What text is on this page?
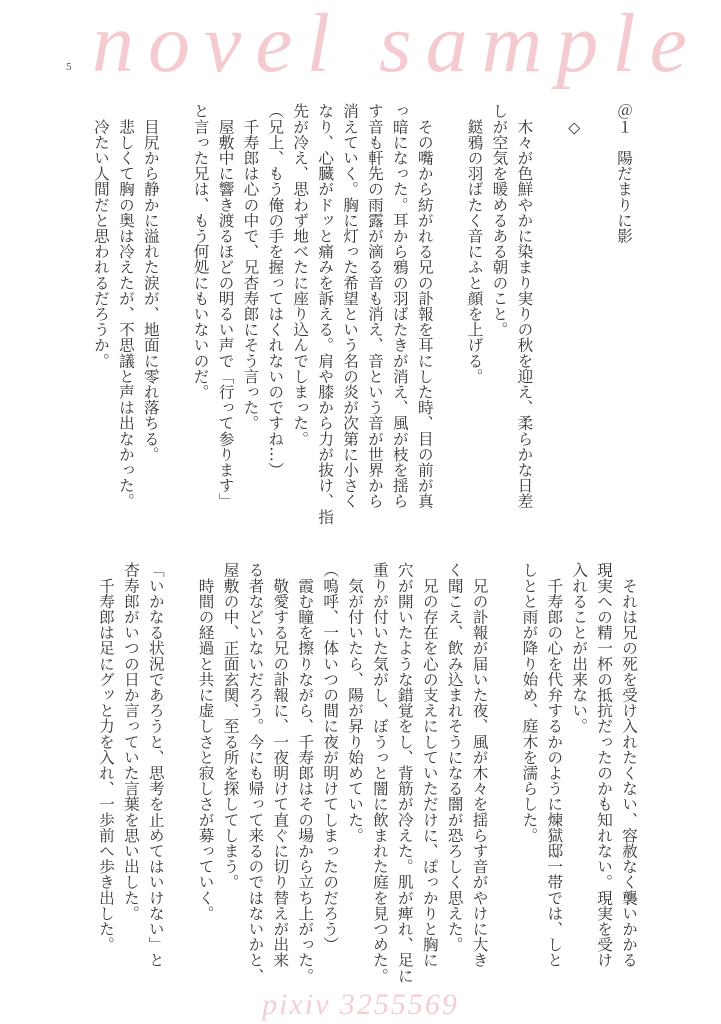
novel sample
5
＠１　陽だまりに影

　◇

　木々が色鮮やかに染まり実りの秋を迎え、柔らかな日差
しが空気を暖めるある朝のこと。
　鎹鴉の羽ばたく音にふと顔を上げる。

　その嘴から紡がれる兄の訃報を耳にした時、目の前が真
っ暗になった。耳から鴉の羽ばたきが消え、風が枝を揺ら
す音も軒先の雨露が滴る音も消え、音という音が世界から
消えていく。胸に灯った希望という名の炎が次第に小さく
なり、心臓がドッと痛みを訴える。肩や膝から力が抜け、指
先が冷え、思わず地べたに座り込んでしまった。
（兄上、もう俺の手を握ってはくれないのですね…）
　千寿郎は心の中で、兄杏寿郎にそう言った。
　屋敷中に響き渡るほどの明るい声で「行って参ります」
と言った兄は、もう何処にもいないのだ。

　目尻から静かに溢れた涙が、地面に零れ落ちる。
　悲しくて胸の奥は冷えたが、不思議と声は出なかった。
　冷たい人間だと思われるだろうか。
　それは兄の死を受け入れたくない、容赦なく襲いかかる
現実への精一杯の抵抗だったのかも知れない。現実を受け
入れることが出来ない。
　千寿郎の心を代弁するかのように煉獄邸一帯では、しと
しとと雨が降り始め、庭木を濡らした。

　兄の訃報が届いた夜、風が木々を揺らす音がやけに大き
く聞こえ、飲み込まれそうになる闇が恐ろしく思えた。
　兄の存在を心の支えにしていただけに、ぽっかりと胸に
穴が開いたような錯覚をし、背筋が冷えた。肌が痺れ、足に
重りが付いた気がし、ぼうっと闇に飲まれた庭を見つめた。
　気が付いたら、陽が昇り始めていた。
（嗚呼、一体いつの間に夜が明けてしまったのだろう）
　霞む瞳を擦りながら、千寿郎はその場から立ち上がった。
　敬愛する兄の訃報に、一夜明けて直ぐに切り替えが出来
る者などいないだろう。今にも帰って来るのではないかと、
屋敷の中、正面玄関、至る所を探してしまう。
　時間の経過と共に虚しさと寂しさが募っていく。

「いかなる状況であろうと、思考を止めてはいけない」と
杏寿郎がいつの日か言っていた言葉を思い出した。
　千寿郎は足にグッと力を入れ、一歩前へ歩き出した。
pixiv 3255569
